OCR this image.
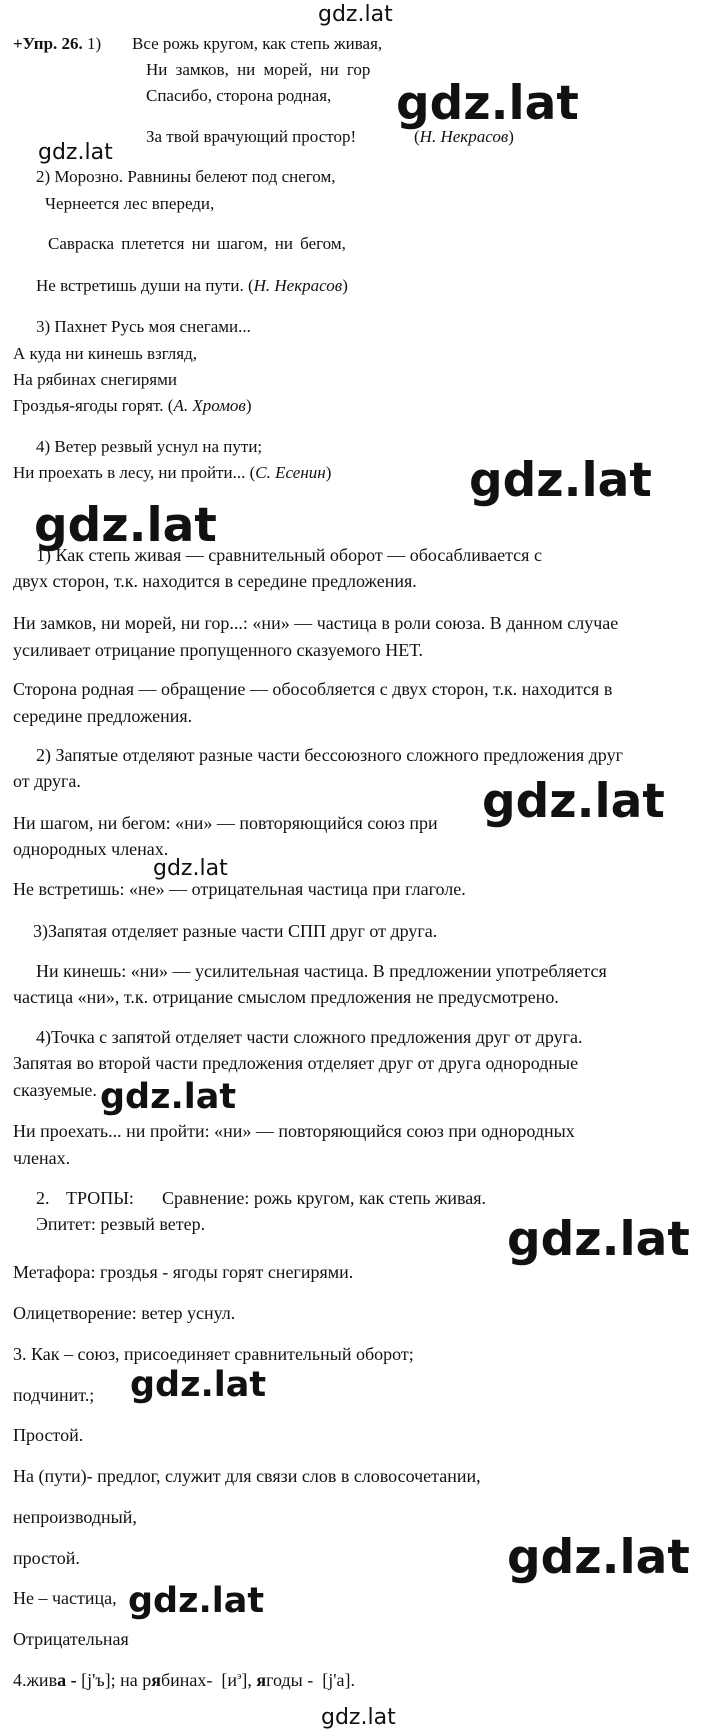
gdz.lat
gdz.lat
gdz.lat
gdz.lat
gdz.lat
gdz.lat
gdz.lat
gdz.lat
gdz.lat
gdz.lat
gdz.lat
gdz.lat
gdz.lat
+Упр. 26. 1) Все рожь кругом, как степь живая,
Ни замков, ни морей, ни гор
Спасибо, сторона родная,
За твой врачующий простор!	(Н. Некрасов)
2) Морозно. Равнины белеют под снегом,
Чернеется лес впереди,
Савраска плетется ни шагом, ни бегом,
Не встретишь души на пути. (Н. Некрасов)
3) Пахнет Русь моя снегами...
А куда ни кинешь взгляд,
На рябинах снегирями
Гроздья-ягоды горят. (А. Хромов)
4) Ветер резвый уснул на пути;
Ни проехать в лесу, ни пройти... (С. Есенин)
1) Как степь живая — сравнительный оборот — обосабливается с
двух сторон, т.к. находится в середине предложения.
Ни замков, ни морей, ни гор...: «ни» — частица в роли союза. В данном случае
усиливает отрицание пропущенного сказуемого НЕТ.
Сторона родная — обращение — обособляется с двух сторон, т.к. находится в
середине предложения.
2) Запятые отделяют разные части бессоюзного сложного предложения друг
от друга.
Ни шагом, ни бегом: «ни» — повторяющийся союз при
однородных членах.
Не встретишь: «не» — отрицательная частица при глаголе.
3)Запятая отделяет разные части СПП друг от друга.
Ни кинешь: «ни» — усилительная частица. В предложении употребляется
частица «ни», т.к. отрицание смыслом предложения не предусмотрено.
4)Точка с запятой отделяет части сложного предложения друг от друга.
Запятая во второй части предложения отделяет друг от друга однородные
сказуемые.
Ни проехать... ни пройти: «ни» — повторяющийся союз при однородных
членах.
2. ТРОПЫ: Сравнение: рожь кругом, как степь живая.
Эпитет: резвый ветер.
Метафора: гроздья - ягоды горят снегирями.
Олицетворение: ветер уснул.
3. Как – союз, присоединяет сравнительный оборот;
подчинит.;
Простой.
На (пути)- предлог, служит для связи слов в словосочетании,
непроизводный,
простой.
Не – частица,
Отрицательная
4.жива - [j'ъ]; на рябинах- $[и^э]$, ягоды - [j'a].
